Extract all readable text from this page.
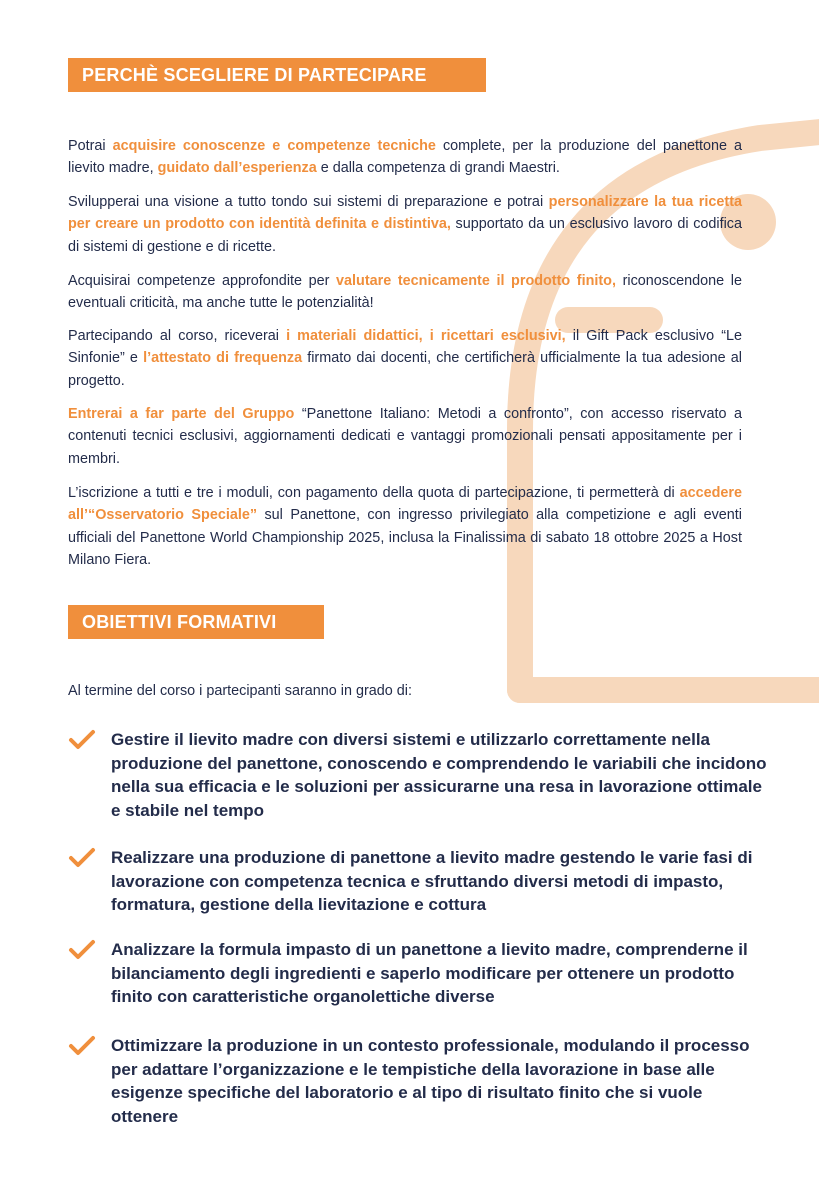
PERCHÈ SCEGLIERE DI PARTECIPARE

Potrai acquisire conoscenze e competenze tecniche complete, per la produzione del panettone a lievito madre, guidato dall’esperienza e dalla competenza di grandi Maestri.

Svilupperai una visione a tutto tondo sui sistemi di preparazione e potrai personalizzare la tua ricetta per creare un prodotto con identità definita e distintiva, supportato da un esclusivo lavoro di codifica di sistemi di gestione e di ricette.

Acquisirai competenze approfondite per valutare tecnicamente il prodotto finito, riconoscendone le eventuali criticità, ma anche tutte le potenzialità!

Partecipando al corso, riceverai i materiali didattici, i ricettari esclusivi, il Gift Pack esclusivo “Le Sinfonie” e l’attestato di frequenza firmato dai docenti, che certificherà ufficialmente la tua adesione al progetto.

Entrerai a far parte del Gruppo “Panettone Italiano: Metodi a confronto”, con accesso riservato a contenuti tecnici esclusivi, aggiornamenti dedicati e vantaggi promozionali pensati appositamente per i membri.

L’iscrizione a tutti e tre i moduli, con pagamento della quota di partecipazione, ti permetterà di accedere all’“Osservatorio Speciale” sul Panettone, con ingresso privilegiato alla competizione e agli eventi ufficiali del Panettone World Championship 2025, inclusa la Finalissima di sabato 18 ottobre 2025 a Host Milano Fiera.

OBIETTIVI FORMATIVI

Al termine del corso i partecipanti saranno in grado di:

Gestire il lievito madre con diversi sistemi e utilizzarlo correttamente nella produzione del panettone, conoscendo e comprendendo le variabili che incidono nella sua efficacia e le soluzioni per assicurarne una resa in lavorazione ottimale e stabile nel tempo

Realizzare una produzione di panettone a lievito madre gestendo le varie fasi di lavorazione con competenza tecnica e sfruttando diversi metodi di impasto, formatura, gestione della lievitazione e cottura

Analizzare la formula impasto di un panettone a lievito madre, comprenderne il bilanciamento degli ingredienti e saperlo modificare per ottenere un prodotto finito con caratteristiche organolettiche diverse

Ottimizzare la produzione in un contesto professionale, modulando il processo per adattare l’organizzazione e le tempistiche della lavorazione in base alle esigenze specifiche del laboratorio e al tipo di risultato finito che si vuole ottenere
